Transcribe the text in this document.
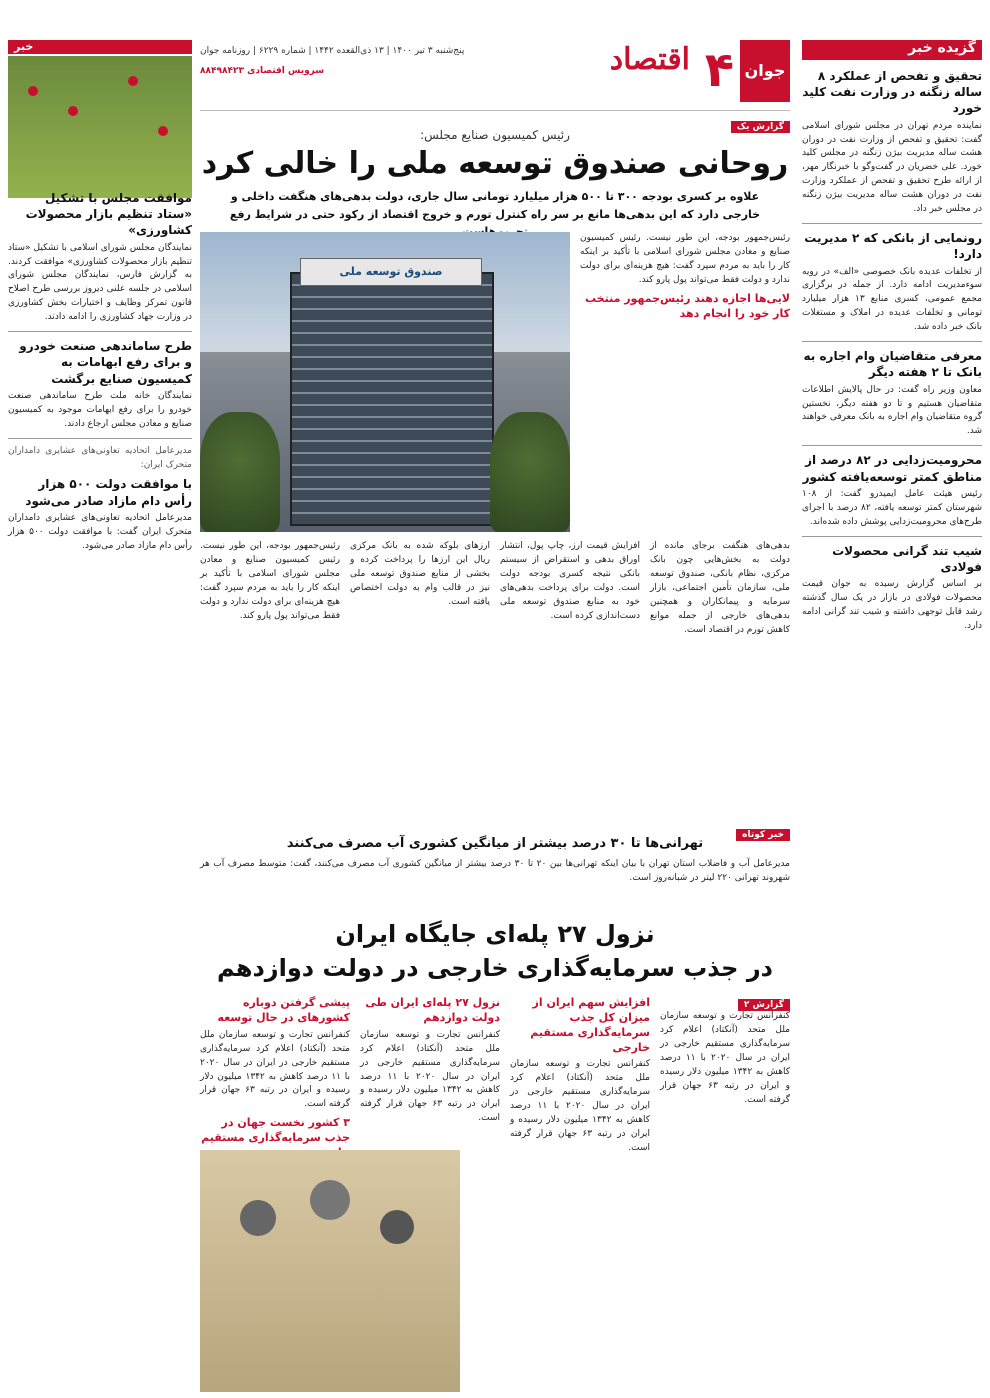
گزیده خبر
تحقیق و تفحص از عملکرد ۸ ساله زنگنه در وزارت نفت کلید خورد
نماینده مردم تهران در مجلس شورای اسلامی گفت: تحقیق و تفحص از وزارت نفت در دوران هشت ساله مدیریت بیژن زنگنه در مجلس کلید خورد. علی خضریان در گفت‌وگو با خبرنگار مهر، از ارائه طرح تحقیق و تفحص از عملکرد وزارت نفت در دوران هشت ساله مدیریت بیژن زنگنه در مجلس خبر داد.
رونمایی از بانکی که ۲ مدیریت دارد!
از تخلفات عدیده بانک خصوصی «الف» در رویه سوءمدیریت ادامه دارد. از جمله در برگزاری مجمع عمومی، کسری منابع ۱۳ هزار میلیارد تومانی و تخلفات عدیده در املاک و مستغلات بانک خبر داده شد.
معرفی متقاضیان وام اجاره به بانک تا ۲ هفته دیگر
معاون وزیر راه گفت: در حال پالایش اطلاعات متقاضیان هستیم و تا دو هفته دیگر، نخستین گروه متقاضیان وام اجاره به بانک معرفی خواهند شد.
محرومیت‌زدایی در ۸۲ درصد از مناطق کمتر توسعه‌یافته کشور
رئیس هیئت عامل ایمیدرو گفت: از ۱۰۸ شهرستان کمتر توسعه یافته، ۸۲ درصد با اجرای طرح‌های محرومیت‌زدایی پوشش داده شده‌اند.
شیب تند گرانی محصولات فولادی
بر اساس گزارش رسیده به جوان قیمت محصولات فولادی در بازار در یک سال گذشته رشد قابل توجهی داشته و شیب تند گرانی ادامه دارد.
جوان
۴
اقتصاد
پنج‌شنبه ۳ تیر ۱۴۰۰ | ۱۳ ذی‌القعده ۱۴۴۲ | شماره ۶۲۲۹ | روزنامه جوان
سرویس اقتصادی ۸۸۴۹۸۴۲۳
گزارش یک
رئیس کمیسیون صنایع مجلس:
روحانی صندوق توسعه ملی را خالی کرد
علاوه بر کسری بودجه ۳۰۰ تا ۵۰۰ هزار میلیارد تومانی سال جاری، دولت بدهی‌های هنگفت داخلی و خارجی دارد که این بدهی‌ها مانع بر سر راه کنترل تورم و خروج اقتصاد از رکود حتی در شرایط رفع
صندوق توسعه ملی
رئیس‌جمهور بودجه، این طور نیست. رئیس کمیسیون صنایع و معادن مجلس شورای اسلامی با تأکید بر اینکه کار را باید به مردم سپرد گفت: هیچ هزینه‌ای برای دولت ندارد و دولت فقط می‌تواند پول پارو کند.
لایی‌ها اجازه دهند رئیس‌جمهور منتخب کار خود را انجام دهد
بدهی‌های هنگفت برجای مانده از دولت به بخش‌هایی چون بانک مرکزی، نظام بانکی، صندوق توسعه ملی، سازمان تأمین اجتماعی، بازار سرمایه و پیمانکاران و همچنین بدهی‌های خارجی از جمله موانع کاهش تورم در اقتصاد است.
افزایش قیمت ارز، چاپ پول، انتشار اوراق بدهی و استقراض از سیستم بانکی نتیجه کسری بودجه دولت است. دولت برای پرداخت بدهی‌های خود به منابع صندوق توسعه ملی دست‌اندازی کرده است.
ارزهای بلوکه شده به بانک مرکزی ریال این ارزها را پرداخت کرده و بخشی از منابع صندوق توسعه ملی نیز در قالب وام به دولت اختصاص یافته است.
رئیس‌جمهور بودجه، این طور نیست. رئیس کمیسیون صنایع و معادن مجلس شورای اسلامی با تأکید بر اینکه کار را باید به مردم سپرد گفت: هیچ هزینه‌ای برای دولت ندارد و دولت فقط می‌تواند پول پارو کند.
خبر کوتاه
تهرانی‌ها تا ۳۰ درصد بیشتر از میانگین کشوری آب مصرف می‌کنند
مدیرعامل آب و فاضلاب استان تهران با بیان اینکه تهرانی‌ها بین ۲۰ تا ۳۰ درصد بیشتر از میانگین کشوری آب مصرف می‌کنند، گفت: متوسط مصرف آب هر شهروند تهرانی ۲۲۰ لیتر در شبانه‌روز است.
نزول ۲۷ پله‌ای جایگاه ایران
در جذب سرمایه‌گذاری خارجی در دولت دوازدهم
گزارش ۲
کنفرانس تجارت و توسعه سازمان ملل متحد (آنکتاد) اعلام کرد سرمایه‌گذاری مستقیم خارجی در ایران در سال ۲۰۲۰ با ۱۱ درصد کاهش به ۱۳۴۲ میلیون دلار رسیده و ایران در رتبه ۶۳ جهان قرار گرفته است.
افزایش سهم ایران از میزان کل جذب سرمایه‌گذاری مستقیم خارجی
کنفرانس تجارت و توسعه سازمان ملل متحد (آنکتاد) اعلام کرد سرمایه‌گذاری مستقیم خارجی در ایران در سال ۲۰۲۰ با ۱۱ درصد کاهش به ۱۳۴۲ میلیون دلار رسیده و ایران در رتبه ۶۳ جهان قرار گرفته است.
نزول ۲۷ پله‌ای ایران طی دولت دوازدهم
کنفرانس تجارت و توسعه سازمان ملل متحد (آنکتاد) اعلام کرد سرمایه‌گذاری مستقیم خارجی در ایران در سال ۲۰۲۰ با ۱۱ درصد کاهش به ۱۳۴۲ میلیون دلار رسیده و ایران در رتبه ۶۳ جهان قرار گرفته است.
پیشی گرفتن دوباره کشورهای در حال توسعه
کنفرانس تجارت و توسعه سازمان ملل متحد (آنکتاد) اعلام کرد سرمایه‌گذاری مستقیم خارجی در ایران در سال ۲۰۲۰ با ۱۱ درصد کاهش به ۱۳۴۲ میلیون دلار رسیده و ایران در رتبه ۶۳ جهان قرار گرفته است.
۳ کشور نخست جهان در جذب سرمایه‌گذاری مستقیم
خبر
موافقت مجلس با تشکیل «ستاد تنظیم بازار محصولات کشاورزی»
نمایندگان مجلس شورای اسلامی با تشکیل «ستاد تنظیم بازار محصولات کشاورزی» موافقت کردند. به گزارش فارس، نمایندگان مجلس شورای اسلامی در جلسه علنی دیروز بررسی طرح اصلاح قانون تمرکز وظایف و اختیارات بخش کشاورزی در وزارت جهاد کشاورزی را ادامه دادند.
طرح ساماندهی صنعت خودرو و برای رفع ابهامات به کمیسیون صنایع برگشت
نمایندگان خانه ملت طرح ساماندهی صنعت خودرو را برای رفع ابهامات موجود به کمیسیون صنایع و معادن مجلس ارجاع دادند.
مدیرعامل اتحادیه تعاونی‌های عشایری دامداران متحرک ایران:
با موافقت دولت ۵۰۰ هزار رأس دام مازاد صادر می‌شود
مدیرعامل اتحادیه تعاونی‌های عشایری دامداران متحرک ایران گفت: با موافقت دولت ۵۰۰ هزار رأس دام مازاد صادر می‌شود.
